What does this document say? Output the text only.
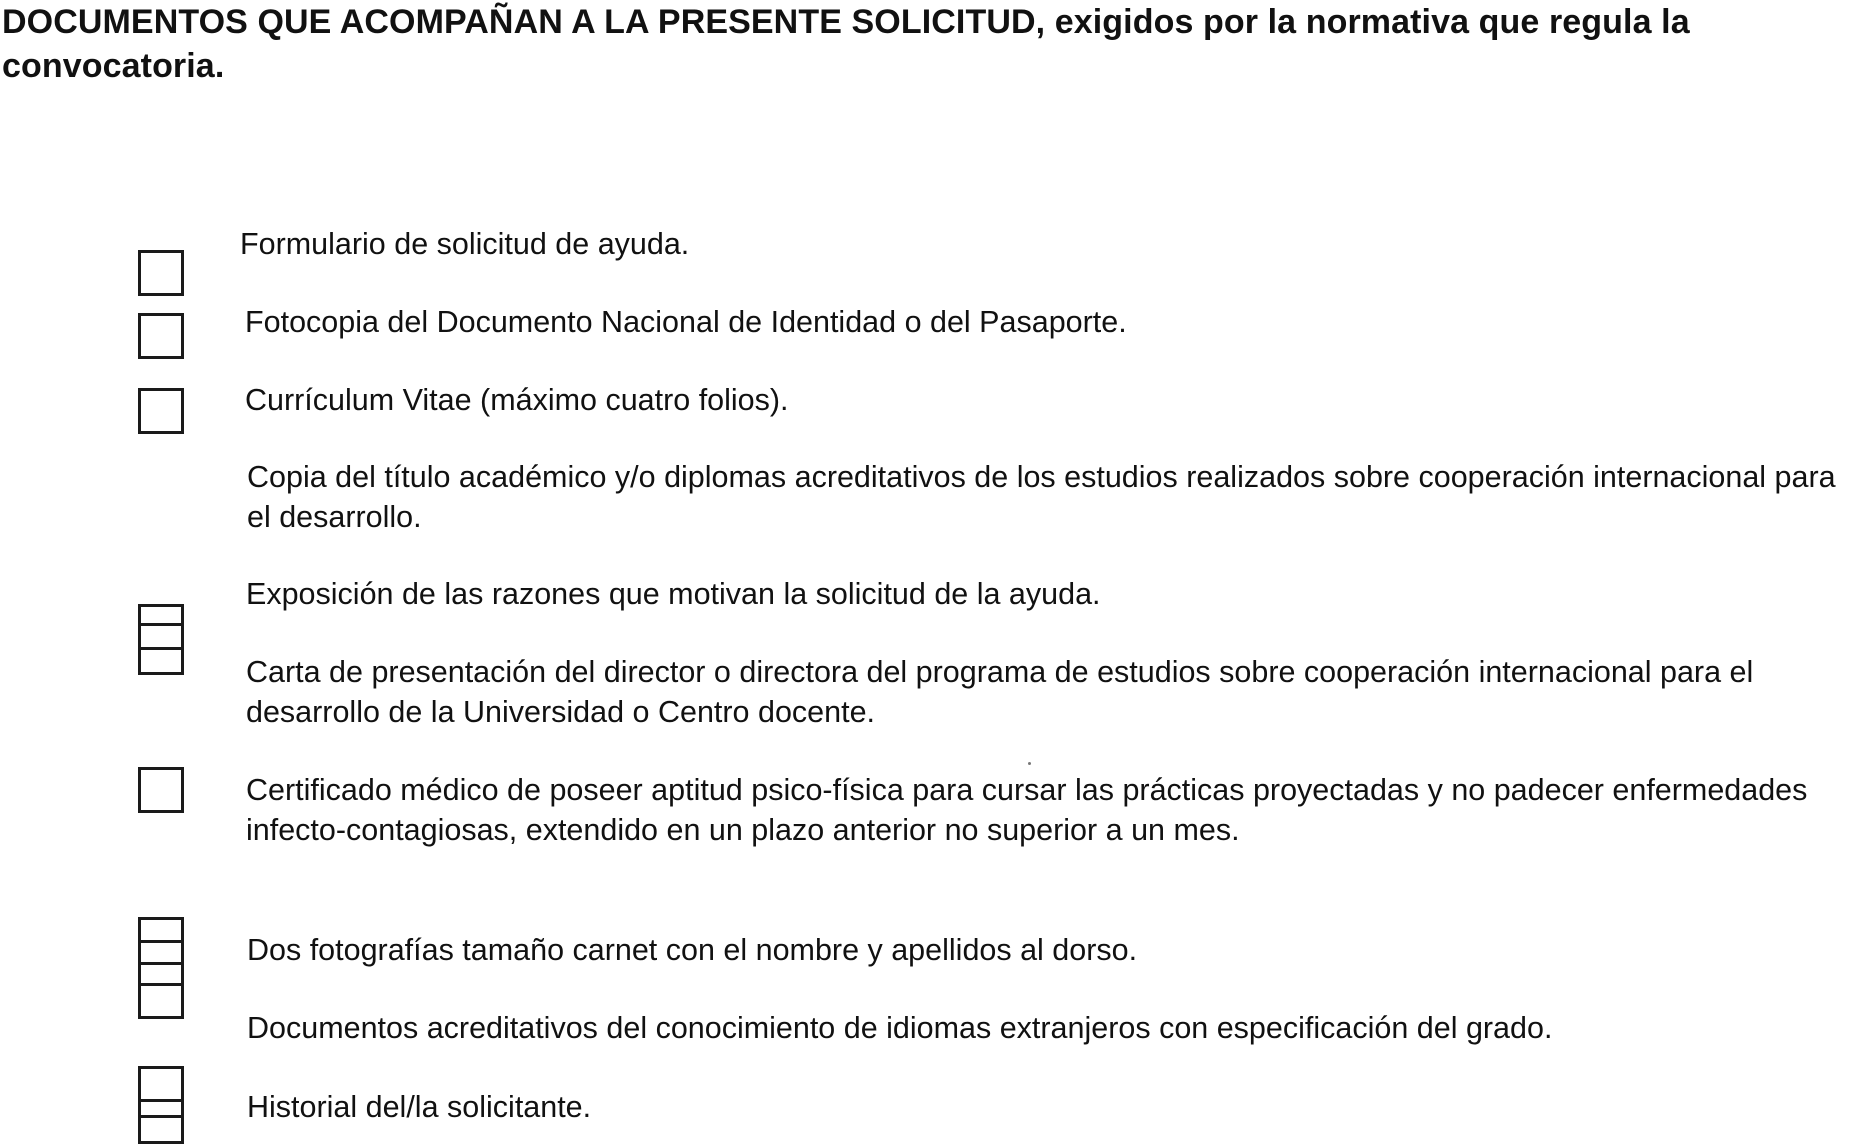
DOCUMENTOS QUE ACOMPAÑAN A LA PRESENTE SOLICITUD, exigidos por la normativa que regula la convocatoria.

Formulario de solicitud de ayuda.

Fotocopia del Documento Nacional de Identidad o del Pasaporte.

Currículum Vitae (máximo cuatro folios).

Copia del título académico y/o diplomas acreditativos de los estudios realizados sobre cooperación internacional para el desarrollo.

Exposición de las razones que motivan la solicitud de la ayuda.

Carta de presentación del director o directora del programa de estudios sobre cooperación internacional para el desarrollo de la Universidad o Centro docente.

Certificado médico de poseer aptitud psico-física para cursar las prácticas proyectadas y no padecer enfermedades infecto-contagiosas, extendido en un plazo anterior no superior a un mes.

Dos fotografías tamaño carnet con el nombre y apellidos al dorso.

Documentos acreditativos del conocimiento de idiomas extranjeros con especificación del grado.

Historial del/la solicitante.
